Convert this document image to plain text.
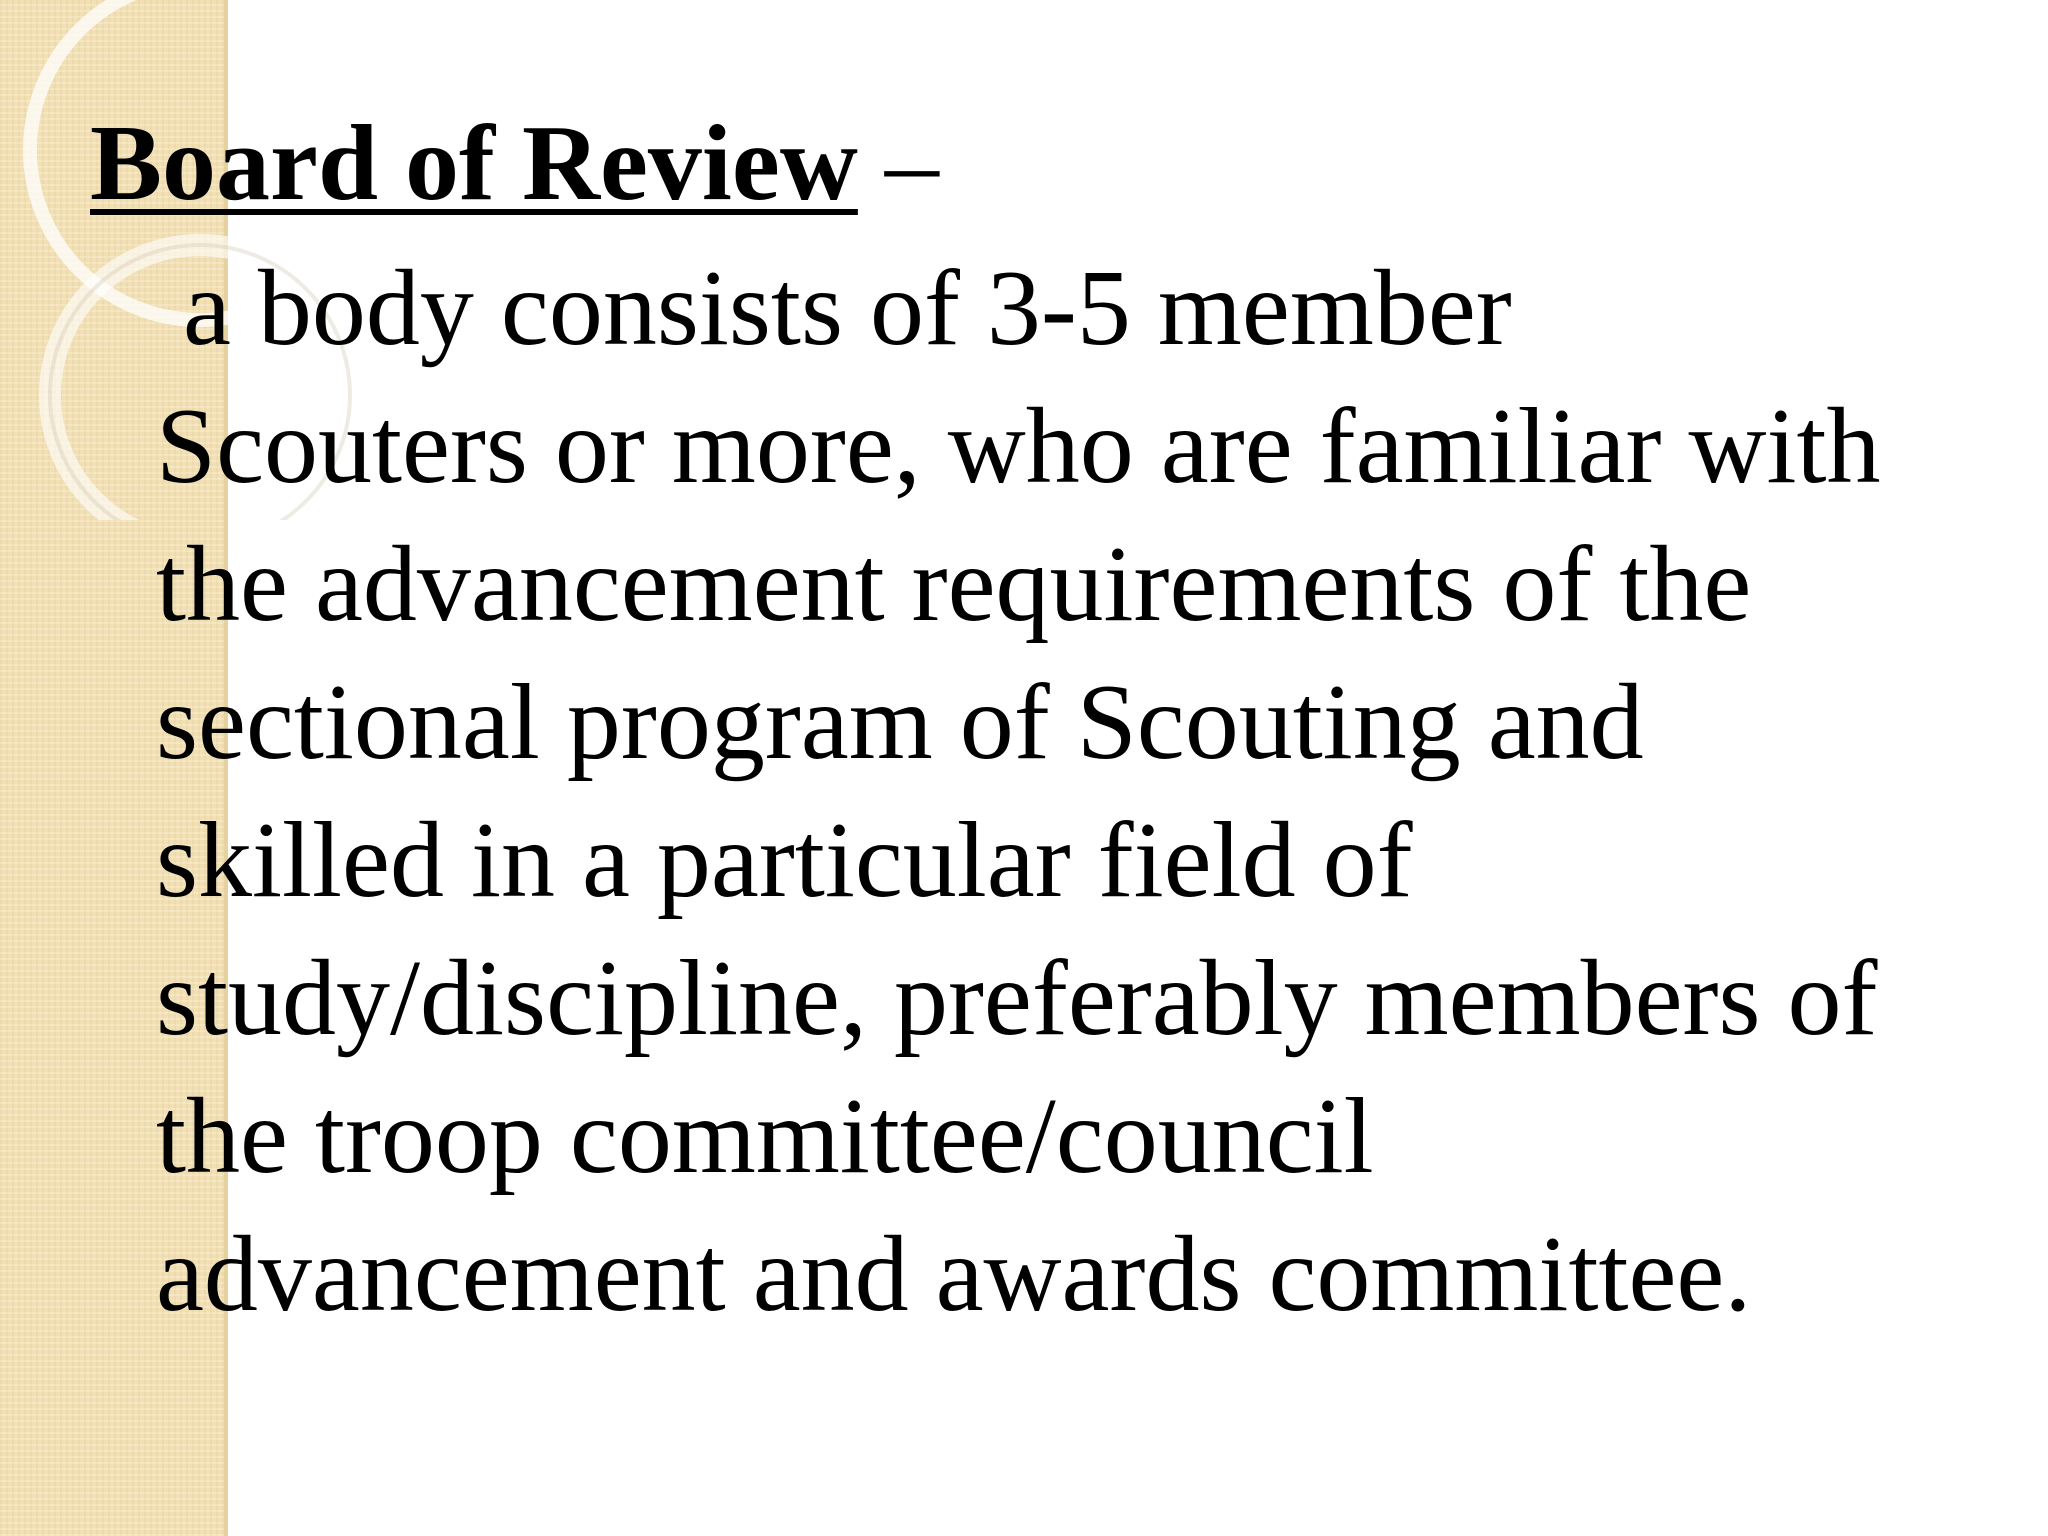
Board of Review –
a body consists of 3-5 member
Scouters or more, who are familiar with
the advancement requirements of the
sectional program of Scouting and
skilled in a particular field of
study/discipline, preferably members of
the troop committee/council
advancement and awards committee.
